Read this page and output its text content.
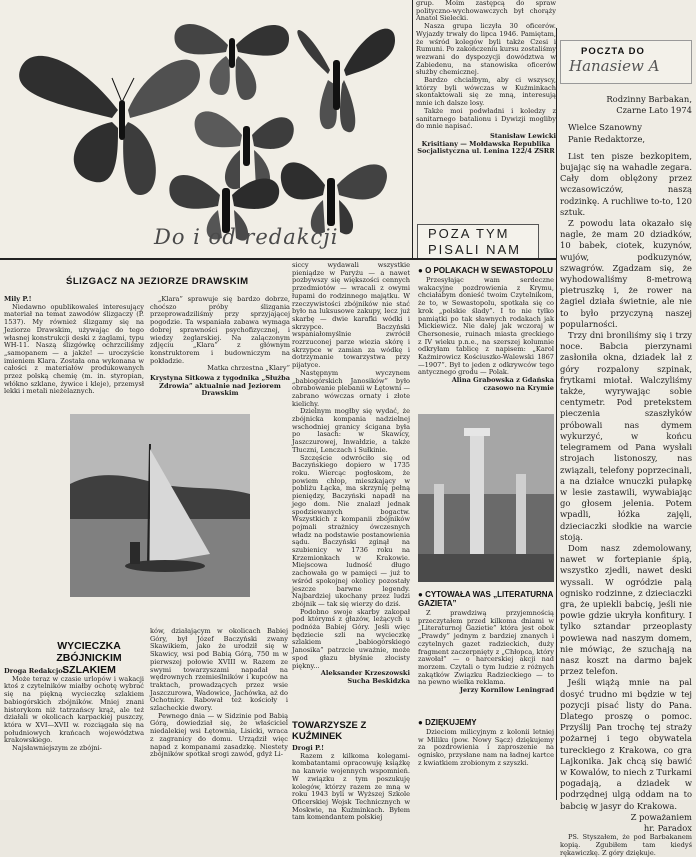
Do i od redakcji

grup. Moim zastępcą do spraw polityczno-wychowawczych był chorąży Anatol Sielecki.

Nasza grupa liczyła 30 oficerów. Wyjazdy trwały do lipca 1946. Pamiętam, że wśród kolegów byli także Czesi i Rumuni. Po zakończeniu kursu zostaliśmy wezwani do dyspozycji dowództwa w Zabiedenu, na stanowiska oficerów służby chemicznej.

Bardzo chciałbym, aby ci wszyscy, którzy byli wówczas w Kuźminkach skontaktowali się ze mną, interesują mnie ich dalsze losy.

Także moi podwładni i koledzy z sanitarnego batalionu i Dywizji mogliby do mnie napisać.

Stanisław Lewicki
Krisitiany — Mołdawska Republika Socjalistyczna ul. Lenina 122/4 ZSRR
POCZTA DO
Hanasiew A
POZA TYM
PISALI NAM
ŚLIZGACZ NA JEZIORZE DRAWSKIM

Mily P.!

Niedawno opublikowaleś interesujący materiał na temat zawodów ślizgaczy (P. 1537). My również ślizgamy się na Jeziorze Drawskim, używając do tego własnej konstrukcji deski z żaglami, typu WH-11. Naszą ślizgówkę ochrzciliśmy „samopanem — a jakże! — uroczyście imieniem Klara. Została ona wykonana w całości z materiałów produkowanych przez polską chemię (m. in. styropian, włókno szklane, żywice i kleje), przemysł lekki i metali nieżelaznych.

„Klara” sprawuje się bardzo dobrze, choćszo próby ślizgania przeprowadziliśmy przy sprzyjającej pogodzie. Ta wspaniała zabawa wymaga dobrej sprawności psychofizycznej, i wiedzy żeglarskiej. Na zalączonym zdjęciu „Klara” z głównym konstruktorem i budowniczym na pokładzie.

Matka chrzestna „Klary”

Krystyna Sitkowa z tygodnika „Służba Zdrowia” aktualnie nad Jeziorem Drawskim

siccy wydawali wszystkie pieniądze w Paryżu — a nawet pozbywszy się większości cennych przedmiotów — wracali z owymi łupami do rodzinnego majątku. W rzeczywistości zbójników nie stać było na luksusowe zakupy, lecz już skarbę — dwie karafki wódki i skrzypce. Baczyński wspaniałomyślnie zwrócił rozrzuconej parze wiezia skórę i skrzypce w zamian za wódkę i dotrzymanie towarzystwa przy pijatyce.

Następnym wyczynem „babiogórskich Janosików” było obrabowanie plebanii w Łętowni — zabrano wówczas ornaty i złote kielichy.

Dzielnym mogłby się wydać, że zbójnicka kompania nadzielnej wschodniej granicy ścigana była po lasach: w Skawicy, Jaszczurowej, Inwałdzie, a także Tłuczni, Lenczach i Sułkinie.

Szczęście odwróciło się od Baczyńskiego dopiero w 1735 roku. Wiercąc pogłoskom, że powiem chłop, mieszkający w pobliżu Łącka, ma skrzynię pełną pieniędzy, Baczyński napadł na jego dom. Nie znalazł jednak spodziewanych bogactw. Wszystkich z kompanii zbójników pojmali strażnicy ówczesnych władz na podstawie postanowienia sądu. Baczyński zginął na szubienicy w 1736 roku na Krzemionkach w Krakowie. Miejscowa ludność długo zachowała go w pamięci — już to wśród spokojnej okolicy pozostały jeszcze barwne legendy. Najbardziej ukochany przez ludzi zbójnik — tak się wierzy do dziś.

Podobno swoje skarby zakopał pod którymś z głazów, leżących u podnóża Babiej Góry. Jeśli więc będziecie szli na wycieczkę szlakiem „babiogórskiego Janosika” patrzcie uważnie, może spod głazu błyśnie złocisty piękny...

Aleksander Krzeszowski Sucha Beskidzka

Rodzinny Barbakan,

Czarne Lato 1974

Wielce Szanowny

Panie Redaktorze,

List ten pisze bezkopitem, bujając się na wahadle zegara. Cały dom oblężony przez wczasowiczów, naszą rodzinkę. A ruchliwe to-to, 120 sztuk.

Z powodu lata okazało się nagle, że mam 20 dziadków, 10 babek, ciotek, kuzynów, wujów, podkuzynów, szwagrów. Zgadzam się, że wyhodowaliśmy 8-metrową pietruszkę i, że rower na żagiel działa świetnie, ale nie to było przyczyną naszej popularności.

Trzy dni broniliśmy się i trzy noce. Babcia pierzynami zasłoniła okna, dziadek lał z góry rozpalony szpinak, frytkami miotał. Walczyliśmy także, wyrywając sobie centymetr. Pod pretekstem pieczenia szaszłyków próbowali nas dymem wykurzyć, w końcu telegramem od Pana wysłali strojach listonoszy, nas związali, telefony poprzecinali, a na działce wnuczki pułapkę w lesie zastawili, wywabiając go głosem jelenia. Potem wpadli, łóżka zajęli, dzieciaczki słodkie na warcie stoją.

Dom nasz zdemolowany, nawet w fortepianie śpią, wszystko zjedli, nawet deski wyssali. W ogródzie palą ognisko rodzinne, z dzieciaczki gra, że upiekli babcię, jeśli nie powie gdzie ukryła konfitury. I tylko sztandar przeoplasty powiewa nad naszym domem, nie mówiąc, że szuchają na nasz koszt na darmo bajek przez telefon.

Jeśli wiążą mnie na pal dosyć trudno mi będzie w tej pozycji pisać listy do Pana. Dlatego proszę o pomoc. Przyślij Pan trochę tej straży pożarnej i tego obywatela tureckiego z Krakowa, co gra Lajkonika. Jak chcą się bawić w Kowalów, to niech z Turkami pogadają, a dziadek w podrzędnej ulgą oddam na to babcię w jasyr do Krakowa.

Z poważaniem

hr. Paradox

PS. Styszałem, że pod Barbakanem kopią. Zgubiłem tam kiedyś rękawiczkę. Z góry dziękuje.

● O POLAKACH W SEWASTOPOLU

Przesyłając wam serdeczne wakacyjne pozdrowienia z Krymu, chciałabym donieść twoim Czytelnikom, że to, w Sewastopolu, spotkała się co krok „polskie ślady”. I to nie tylko pamiątki po tak sławnych rodakach jak Mickiewicz. Nie dalej jak wczoraj w Chersonesie, ruinach miasta greckiego z IV wieku p.n.e., na szerszej kolumnie odkryłam tablicę z napisem: „Karol Kaźmirowicz Kościuszko-Walewski 1867—1907”. Był to jeden z odkrywców tego antycznego grodu — Polak.

Alina Grabowska z Gdańska czasowo na Krymie

● CYTOWAŁA WAS „LITERATURNA GAZIETA”

Z prawdziwą przyjemnością przeczytałem przed kilkoma dniami w „Literaturnoj Gazietie” która jest obok „Prawdy” jednym z bardziej znanych i czytelnych gazet radzieckich, duży fragment zaczerpnięty z „Chłopca, który zawołał” — o harcerskiej akcji nad morzem. Czytali o tym ludzie z różnych zakątków Związku Radzieckiego — to na pewno wielka reklama.

Jerzy Kornilow Leningrad

● DZIĘKUJEMY

Dzieciom milicyjnym z kolonii letniej w Miliku (pow. Nowy Sącz) dziękujemy za pozdrowienia i zaproszenie na ognisko, przysłane nam na ładnej kartce z kwiatkiem zrobionym z szyszki.

WYCIECZKA ZBÓJNICKIM SZLAKIEM

Droga Redakcjo!

Może teraz w czasie urlopów i wakacji ktoś z czytelników miałby ochotę wybrać się na piękną wycieczkę szlakiem babiogórskich zbójników. Mniej znani historykom niż tatrzańscy krąż, ale też działali w okolicach karpackiej puszczy, która w XVI—XVII w. rozciągała się na południowych krańcach województwa krakowskiego.

Najsławniejszym ze zbójni-

ków, działającym w okolicach Babiej Góry, był Józef Baczyński zwany Skawikiem, jako że urodził się w Skawicy, wsi pod Babią Górą, 750 m w pierwszej połowie XVIII w. Razem ze swymi towarzyszami napadał na wędrownych rzemieślników i kupców na traktach, prowadzących przez wsie Jaszczurowa, Wadowice, Jachówka, aż do Ochotnicy. Rabował też kościoły i szlacheckie dwory.

Pewnego dnia — w Sidzinie pod Babią Górą, dowiedział się, że właściciel niedalekiej wsi Łętownia, Lisicki, wraca z zagranicy do domu. Urządził więc napad z kompanami zasadzkę. Niestety zbójników spotkał srogi zawód, gdyż Li-

TOWARZYSZE Z KUŹMINEK

Drogi P.!

Razem z kilkoma kolegami-kombatantami opracowuję książkę na kanwie wojennych wspomnień. W związku z tym poszukuję kolegów, którzy razem ze mną w roku 1943 byli w Wyższej Szkole Oficerskiej Wojsk Technicznych w Moskwie, na Kuźminkach. Byłem tam komendantem polskiej
